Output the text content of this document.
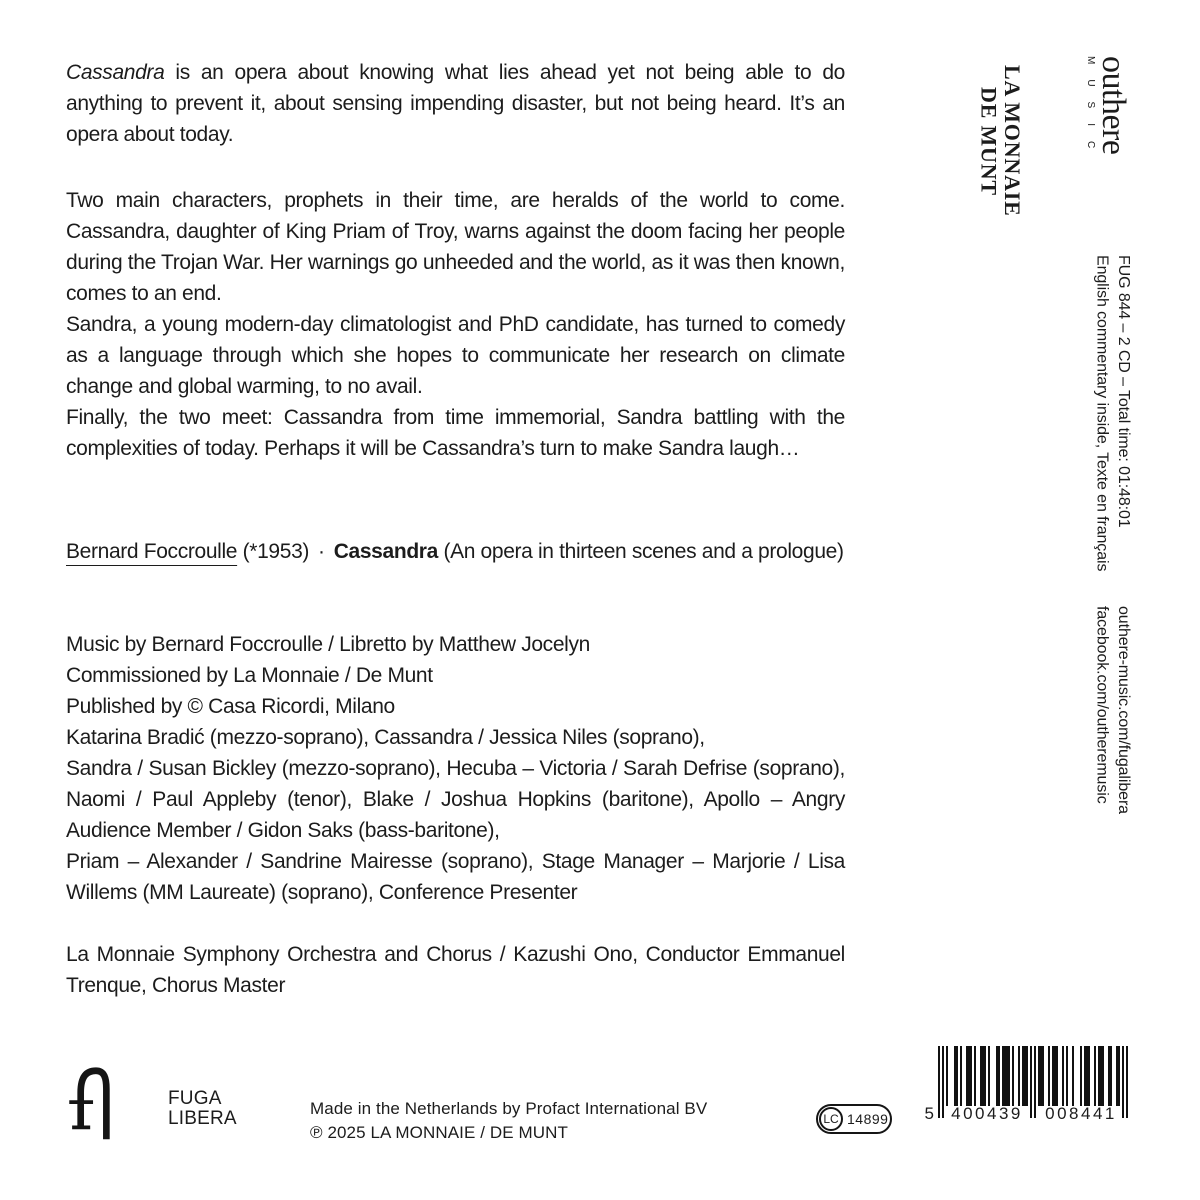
Cassandra is an opera about knowing what lies ahead yet not being able to do anything to prevent it, about sensing impending disaster, but not being heard. It’s an opera about today.

Two main characters, prophets in their time, are heralds of the world to come. Cassandra, daughter of King Priam of Troy, warns against the doom facing her people during the Trojan War. Her warnings go unheeded and the world, as it was then known, comes to an end.

Sandra, a young modern-day climatologist and PhD candidate, has turned to comedy as a language through which she hopes to communicate her research on climate change and global warming, to no avail.

Finally, the two meet: Cassandra from time immemorial, Sandra battling with the complexities of today. Perhaps it will be Cassandra’s turn to make Sandra laugh…

Bernard Foccroulle (*1953) · Cassandra (An opera in thirteen scenes and a prologue)

Music by Bernard Foccroulle / Libretto by Matthew Jocelyn

Commissioned by La Monnaie / De Munt

Published by © Casa Ricordi, Milano

Katarina Bradić (mezzo-soprano), Cassandra / Jessica Niles (soprano),

Sandra / Susan Bickley (mezzo-soprano), Hecuba – Victoria / Sarah Defrise (soprano), Naomi / Paul Appleby (tenor), Blake / Joshua Hopkins (baritone), Apollo – Angry Audience Member / Gidon Saks (bass-baritone),

Priam – Alexander / Sandrine Mairesse (soprano), Stage Manager – Marjorie / Lisa Willems (MM Laureate) (soprano), Conference Presenter

La Monnaie Symphony Orchestra and Chorus / Kazushi Ono, Conductor Emmanuel Trenque, Chorus Master

outhere
MUSIC
LA MONNAIE
DE MUNT
FUG 844 – 2 CD – Total time: 01:48:01
English commentary inside, Texte en français
outhere-music.com/fugalibera
facebook.com/outheremusic
FUGA
LIBERA	Made in the Netherlands by Profact International BV
℗ 2025 LA MONNAIE / DE MUNT
LC 14899 5	400439	008441
